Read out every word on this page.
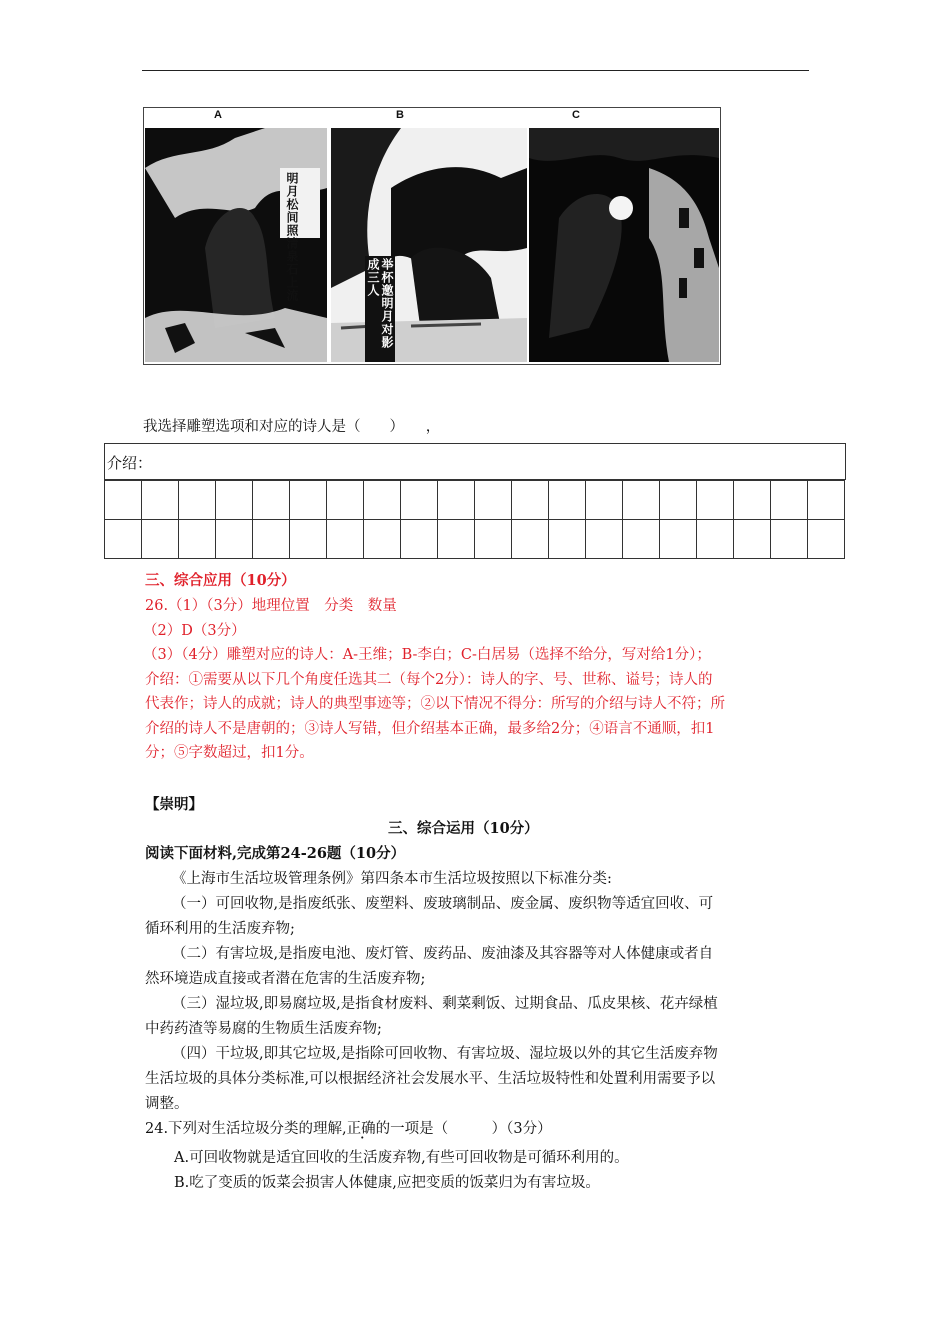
A	B	C
明月松间照清泉石上流
举杯邀明月对影成三人
我选择雕塑选项和对应的诗人是（　　）　　，
介绍：

三、综合应用（10分）
26.（1）（3分）地理位置　分类　数量
（2）D（3分）
（3）（4分）雕塑对应的诗人：A-王维；B-李白；C-白居易（选择不给分，写对给1分）；
介绍：①需要从以下几个角度任选其二（每个2分）：诗人的字、号、世称、谥号；诗人的
代表作；诗人的成就；诗人的典型事迹等；②以下情况不得分：所写的介绍与诗人不符；所
介绍的诗人不是唐朝的；③诗人写错，但介绍基本正确，最多给2分；④语言不通顺，扣1
分；⑤字数超过，扣1分。
【崇明】
三、综合运用（10分）
阅读下面材料,完成第24-26题（10分）
《上海市生活垃圾管理条例》第四条本市生活垃圾按照以下标准分类:
（一）可回收物,是指废纸张、废塑料、废玻璃制品、废金属、废织物等适宜回收、可
循环利用的生活废弃物;
（二）有害垃圾,是指废电池、废灯管、废药品、废油漆及其容器等对人体健康或者自
然环境造成直接或者潜在危害的生活废弃物;
（三）湿垃圾,即易腐垃圾,是指食材废料、剩菜剩饭、过期食品、瓜皮果核、花卉绿植
中药药渣等易腐的生物质生活废弃物;
（四）干垃圾,即其它垃圾,是指除可回收物、有害垃圾、湿垃圾以外的其它生活废弃物
生活垃圾的具体分类标准,可以根据经济社会发展水平、生活垃圾特性和处置利用需要予以
调整。
24.下列对生活垃圾分类的理解,正确的一项是（　　　）（3分）
A.可回收物就是适宜回收的生活废弃物,有些可回收物是可循环利用的。
B.吃了变质的饭菜会损害人体健康,应把变质的饭菜归为有害垃圾。
